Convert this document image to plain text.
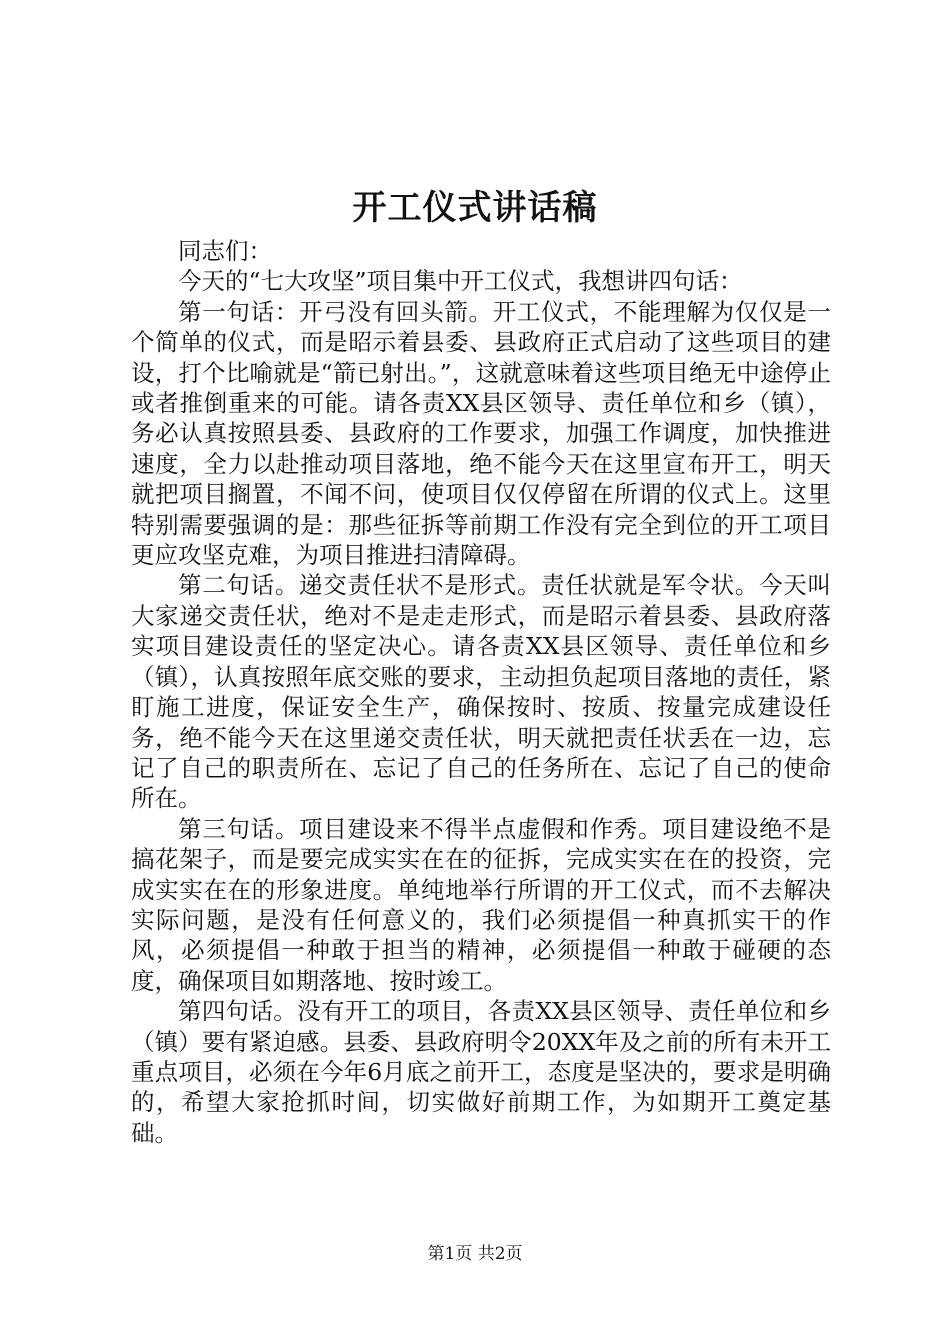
开工仪式讲话稿

同志们：

今天的“七大攻坚”项目集中开工仪式，我想讲四句话：

第一句话：开弓没有回头箭。开工仪式，不能理解为仅仅是一个简单的仪式，而是昭示着县委、县政府正式启动了这些项目的建设，打个比喻就是“箭已射出。”，这就意味着这些项目绝无中途停止或者推倒重来的可能。请各责XX县区领导、责任单位和乡（镇），务必认真按照县委、县政府的工作要求，加强工作调度，加快推进速度，全力以赴推动项目落地，绝不能今天在这里宣布开工，明天就把项目搁置，不闻不问，使项目仅仅停留在所谓的仪式上。这里特别需要强调的是：那些征拆等前期工作没有完全到位的开工项目更应攻坚克难，为项目推进扫清障碍。

第二句话。递交责任状不是形式。责任状就是军令状。今天叫大家递交责任状，绝对不是走走形式，而是昭示着县委、县政府落实项目建设责任的坚定决心。请各责XX县区领导、责任单位和乡（镇），认真按照年底交账的要求，主动担负起项目落地的责任，紧盯施工进度，保证安全生产，确保按时、按质、按量完成建设任务，绝不能今天在这里递交责任状，明天就把责任状丢在一边，忘记了自己的职责所在、忘记了自己的任务所在、忘记了自己的使命所在。

第三句话。项目建设来不得半点虚假和作秀。项目建设绝不是搞花架子，而是要完成实实在在的征拆，完成实实在在的投资，完成实实在在的形象进度。单纯地举行所谓的开工仪式，而不去解决实际问题，是没有任何意义的，我们必须提倡一种真抓实干的作风，必须提倡一种敢于担当的精神，必须提倡一种敢于碰硬的态度，确保项目如期落地、按时竣工。

第四句话。没有开工的项目，各责XX县区领导、责任单位和乡（镇）要有紧迫感。县委、县政府明令20XX年及之前的所有未开工重点项目，必须在今年6月底之前开工，态度是坚决的，要求是明确的，希望大家抢抓时间，切实做好前期工作，为如期开工奠定基础。

第1页 共2页
